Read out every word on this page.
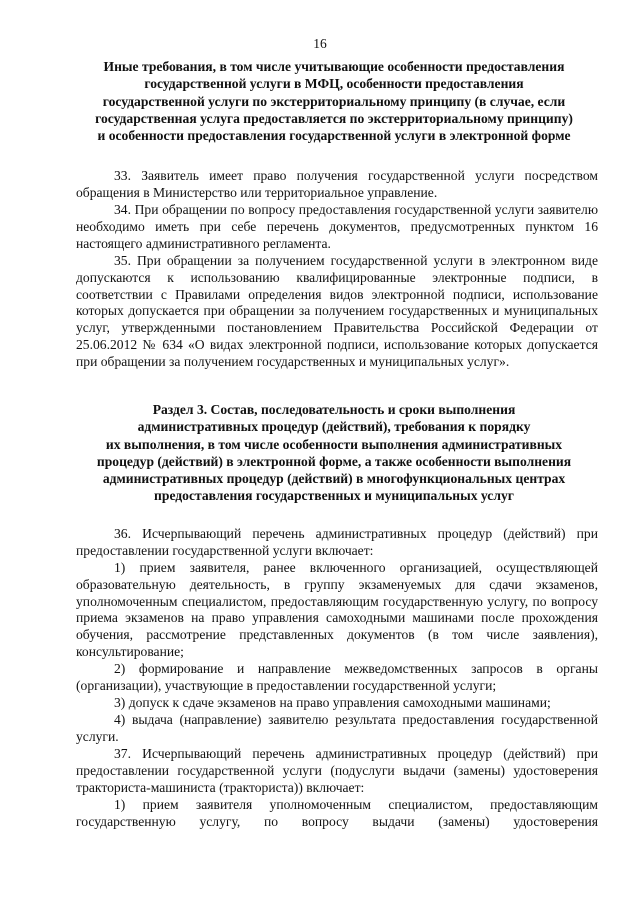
16
Иные требования, в том числе учитывающие особенности предоставления
государственной услуги в МФЦ, особенности предоставления
государственной услуги по экстерриториальному принципу (в случае, если
государственная услуга предоставляется по экстерриториальному принципу)
и особенности предоставления государственной услуги в электронной форме

33. Заявитель имеет право получения государственной услуги посредством обращения в Министерство или территориальное управление.

34. При обращении по вопросу предоставления государственной услуги заявителю необходимо иметь при себе перечень документов, предусмотренных пунктом 16 настоящего административного регламента.

35. При обращении за получением государственной услуги в электронном виде допускаются к использованию квалифицированные электронные подписи, в соответствии с Правилами определения видов электронной подписи, использование которых допускается при обращении за получением государственных и муниципальных услуг, утвержденными постановлением Правительства Российской Федерации от 25.06.2012 № 634 «О видах электронной подписи, использование которых допускается при обращении за получением государственных и муниципальных услуг».

Раздел 3. Состав, последовательность и сроки выполнения
административных процедур (действий), требования к порядку
их выполнения, в том числе особенности выполнения административных
процедур (действий) в электронной форме, а также особенности выполнения
административных процедур (действий) в многофункциональных центрах
предоставления государственных и муниципальных услуг

36. Исчерпывающий перечень административных процедур (действий) при предоставлении государственной услуги включает:

1) прием заявителя, ранее включенного организацией, осуществляющей образовательную деятельность, в группу экзаменуемых для сдачи экзаменов, уполномоченным специалистом, предоставляющим государственную услугу, по вопросу приема экзаменов на право управления самоходными машинами после прохождения обучения, рассмотрение представленных документов (в том числе заявления), консультирование;

2) формирование и направление межведомственных запросов в органы (организации), участвующие в предоставлении государственной услуги;

3) допуск к сдаче экзаменов на право управления самоходными машинами;

4) выдача (направление) заявителю результата предоставления государственной услуги.

37. Исчерпывающий перечень административных процедур (действий) при предоставлении государственной услуги (подуслуги выдачи (замены) удостоверения тракториста-машиниста (тракториста)) включает:

1) прием заявителя уполномоченным специалистом, предоставляющим государственную услугу, по вопросу выдачи (замены) удостоверения
